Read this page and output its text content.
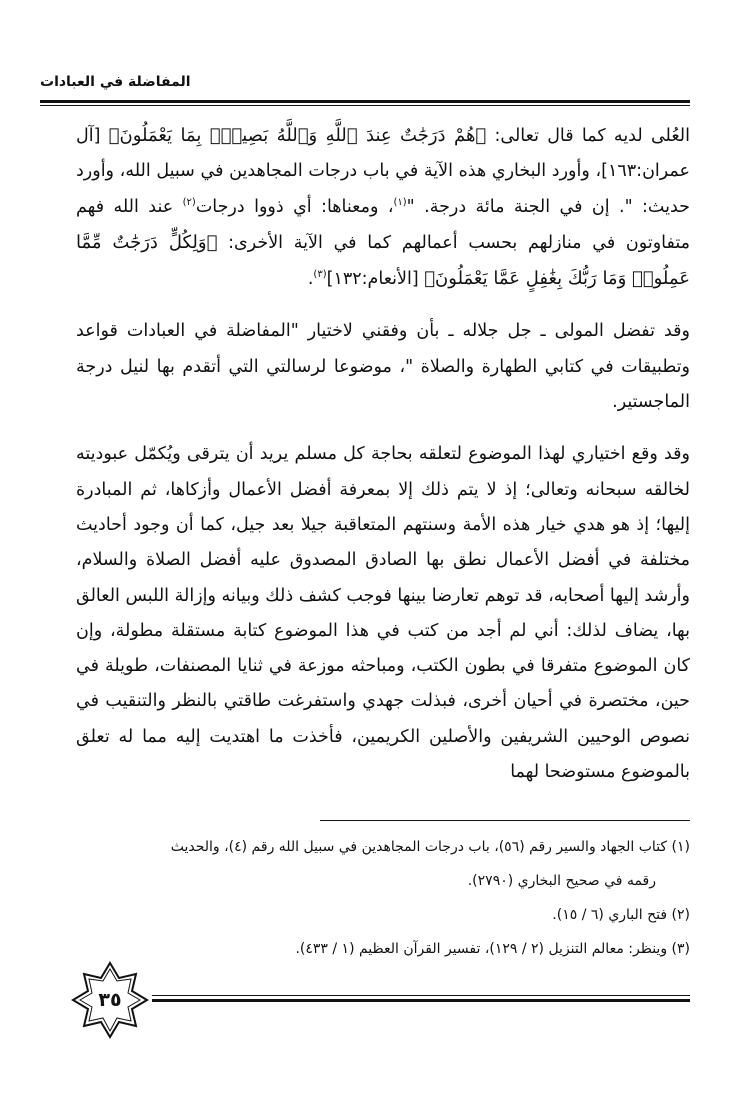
المفاضلة في العبادات

العُلى لديه كما قال تعالى: ﴿هُمْ دَرَجَٰتٌ عِندَ ٱللَّهِ وَٱللَّهُ بَصِيرٌۢ بِمَا يَعْمَلُونَ﴾ [آل عمران:١٦٣]، وأورد البخاري هذه الآية في باب درجات المجاهدين في سبيل الله، وأورد حديث: ". إن في الجنة مائة درجة. "$^{(١)}$، ومعناها: أي ذووا درجات$^{(٢)}$ عند الله فهم متفاوتون في منازلهم بحسب أعمالهم كما في الآية الأخرى: ﴿وَلِكُلٍّ دَرَجَٰتٌ مِّمَّا عَمِلُوا۟ وَمَا رَبُّكَ بِغَٰفِلٍ عَمَّا يَعْمَلُونَ﴾ [الأنعام:١٣٢]$^{(٣)}$.

وقد تفضل المولى ـ جل جلاله ـ بأن وفقني لاختيار "المفاضلة في العبادات قواعد وتطبيقات في كتابي الطهارة والصلاة "، موضوعا لرسالتي التي أتقدم بها لنيل درجة الماجستير.

وقد وقع اختياري لهذا الموضوع لتعلقه بحاجة كل مسلم يريد أن يترقى ويُكمّل عبوديته لخالقه سبحانه وتعالى؛ إذ لا يتم ذلك إلا بمعرفة أفضل الأعمال وأزكاها، ثم المبادرة إليها؛ إذ هو هدي خيار هذه الأمة وسنتهم المتعاقبة جيلا بعد جيل، كما أن وجود أحاديث مختلفة في أفضل الأعمال نطق بها الصادق المصدوق عليه أفضل الصلاة والسلام، وأرشد إليها أصحابه، قد توهم تعارضا بينها فوجب كشف ذلك وبيانه وإزالة اللبس العالق بها، يضاف لذلك: أني لم أجد من كتب في هذا الموضوع كتابة مستقلة مطولة، وإن كان الموضوع متفرقا في بطون الكتب، ومباحثه موزعة في ثنايا المصنفات، طويلة في حين، مختصرة في أحيان أخرى، فبذلت جهدي واستفرغت طاقتي بالنظر والتنقيب في نصوص الوحيين الشريفين والأصلين الكريمين، فأخذت ما اهتديت إليه مما له تعلق بالموضوع مستوضحا لهما

(١) كتاب الجهاد والسير رقم (٥٦)، باب درجات المجاهدين في سبيل الله رقم (٤)، والحديث
رقمه في صحيح البخاري (٢٧٩٠).
(٢) فتح الباري (٦ / ١٥).
(٣) وينظر: معالم التنزيل (٢ / ١٢٩)، تفسير القرآن العظيم (١ / ٤٣٣).
٣٥
